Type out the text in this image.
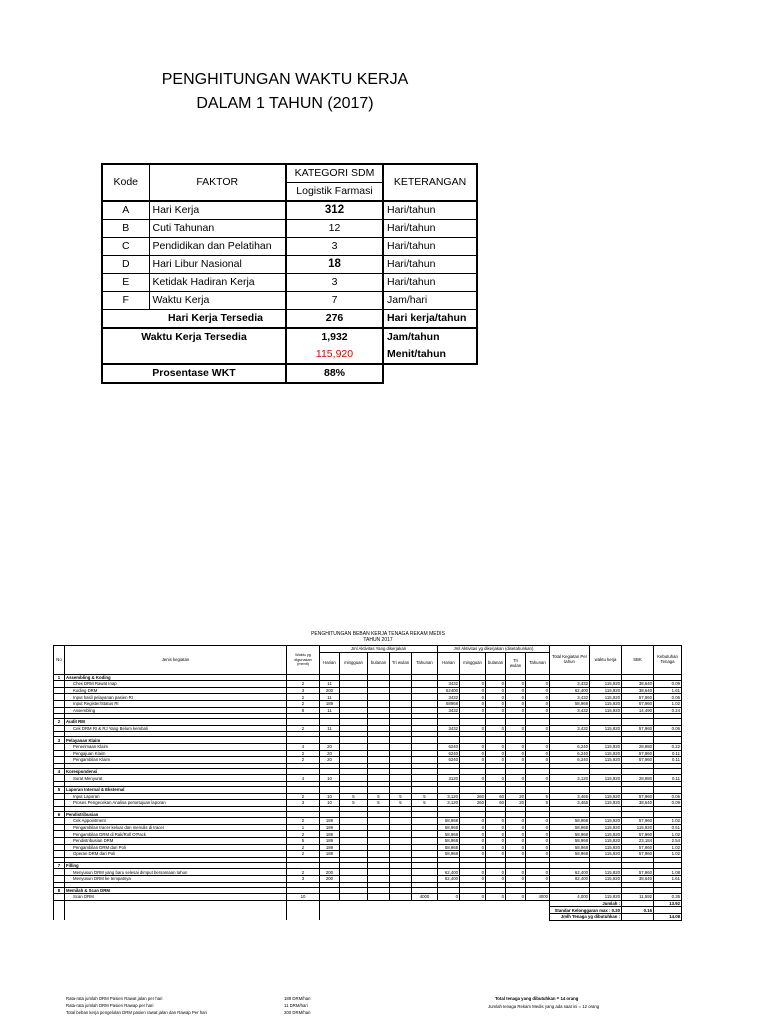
PENGHITUNGAN WAKTU KERJA
DALAM 1 TAHUN (2017)
Kode	FAKTOR	KATEGORI SDM	KETERANGAN
		Logistik Farmasi	
A	Hari Kerja	312	Hari/tahun
B	Cuti Tahunan	12	Hari/tahun
C	Pendidikan dan Pelatihan	3	Hari/tahun
D	Hari Libur Nasional	18	Hari/tahun
E	Ketidak Hadiran Kerja	3	Hari/tahun
F	Waktu Kerja	7	Jam/hari
	Hari Kerja Tersedia	276	Hari kerja/tahun
Waktu Kerja Tersedia		1,932	Jam/tahun
		115,920	Menit/tahun
Prosentase WKT		88%	
PENGHITUNGAN BEBAN KERJA TENAGA REKAM MEDIS
TAHUN 2017
No	Jenis kegiatan	Waktu yg digunakan (menit)	Jml Aktivitas Yang dikerjakan					Jml Aktivitas yg dikerjakan (disetahunkan)					Total Kegiatan Per tahun	waktu kerja	SBK	Kebutuhan Tenaga
			Harian	mingguan	bulanan	Tri wulan	Tahunan	Harian	mingguan	bulanan	Tri wulan	Tahunan				
1	Assembling & Koding															
	Cheк DRM Rawat Inap	2	11					3432	0	0	0	0	3,432	115,920	38,640	0.09
	Koding DRM	3	200					62400	0	0	0	0	62,400	115,920	38,640	1.61
	Input hasil pelayanan pasien RI	2	11					3432	0	0	0	0	3,432	115,920	57,960	0.06
	Input Register/Status RI	2	189					58968	0	0	0	0	58,968	115,920	57,960	1.02
	Assembling	8	11					3432	0	0	0	0	3,432	115,920	14,490	0.24

2	Audit RM															
	Cek DRM RI & RJ Yang Belum kembali	2	11					3432	0	0	0	0	3,432	115,920	57,960	0.06

3	Pelayanan Klaim															
	Penerimaan Klaim	4	20					6240	0	0	0	0	6,240	115,920	28,980	0.22
	Pengajuan Klaim	2	20					6240	0	0	0	0	6,240	115,920	57,960	0.11
	Pengambilan Klaim	2	20					6240	0	0	0	0	6,240	115,920	57,960	0.11

4	Korespondensi															
	Surat Menyurat	4	10					3120	0	0	0	0	3,120	115,920	28,980	0.11

5	Laporan Internal & Eksternal															
	Input Laporan	2	10	5	5	5	5	3,120	260	60	20	5	3,465	115,920	57,960	0.06
	Proses Pengecekan Analisa persetujuan laporan	3	10	5	5	5	5	3,120	260	60	20	5	3,465	115,920	38,640	0.09

6	Pendistribusian															
	Cek Appointment	2	189					58,968	0	0	0	0	58,968	115,920	57,960	1.02
	Pengambilan tracer keluar dan menulis di tracer	1	189					58,968	0	0	0	0	58,968	115,920	115,920	0.51
	Pengambilan DRM di Rak/Roll O'Pack	2	189					58,968	0	0	0	0	58,968	115,920	57,960	1.02
	Pendistribusian DRM	5	189					58,968	0	0	0	0	58,968	115,920	23,184	2.54
	Pengambilan DRM dari Poli	2	189					58,968	0	0	0	0	58,968	115,920	57,960	1.02
	Operan DRM dari Poli	2	189					58,968	0	0	0	0	58,968	115,920	57,960	1.02

7	Filling															
	Menyusun DRM yang baru selesai dimput bersamaan tahun	2	200					62,400	0	0	0	0	62,400	115,920	57,960	1.08
	Menyusun DRM ke tempatnya	3	200					62,400	0	0	0	0	62,400	115,920	38,640	1.61

8	Memilah & Scan DRM															
	Scan DRM	10					4000	0	0	0	0	4000	4,000	115,920	11,592	0.35
													Jumlah :			13.92
													Standar Kelonggaran max : 0.20		0.16	
													Jmlh Tenaga yg dibutuhkan :			14.08
Rata-rata jumlah DRM Pasien Rawat jalan per hari	189 DRM/hari
Rata-rata jumlah DRM Pasien Rawap per hari	11 DRM/hari
Total beban kerja pengelolan DRM pasien rawat jalan dan Rawap Per hari	200 DRM/hari
Total tenaga yang dibutuhkan = 14 orang
Jumlah tenaga Rekam Medis yang ada saat ini = 12 orang
